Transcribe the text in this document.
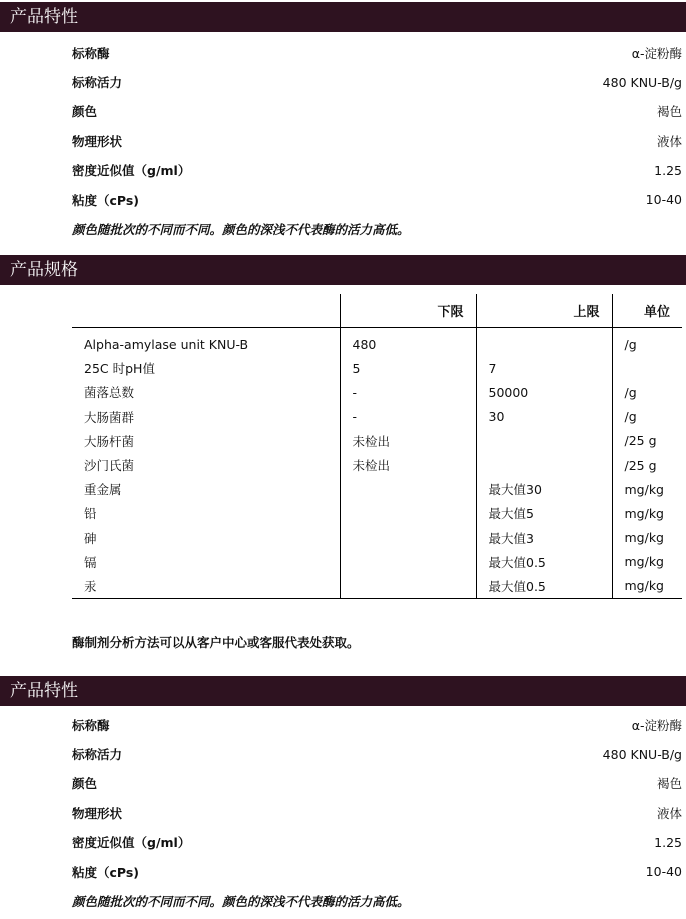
产品特性
标称酶	α-淀粉酶
标称活力	480 KNU-B/g
颜色	褐色
物理形状	液体
密度近似值（g/ml）	1.25
粘度（cPs)	10-40
颜色随批次的不同而不同。颜色的深浅不代表酶的活力高低。
产品规格
	下限	上限	单位
Alpha-amylase unit KNU-B	480		/g
25C 时pH值	5	7	
菌落总数	-	50000	/g
大肠菌群	-	30	/g
大肠杆菌	未检出		/25 g
沙门氏菌	未检出		/25 g
重金属		最大值30	mg/kg
铅		最大值5	mg/kg
砷		最大值3	mg/kg
镉		最大值0.5	mg/kg
汞		最大值0.5	mg/kg
酶制剂分析方法可以从客户中心或客服代表处获取。
产品特性
标称酶	α-淀粉酶
标称活力	480 KNU-B/g
颜色	褐色
物理形状	液体
密度近似值（g/ml）	1.25
粘度（cPs)	10-40
颜色随批次的不同而不同。颜色的深浅不代表酶的活力高低。
